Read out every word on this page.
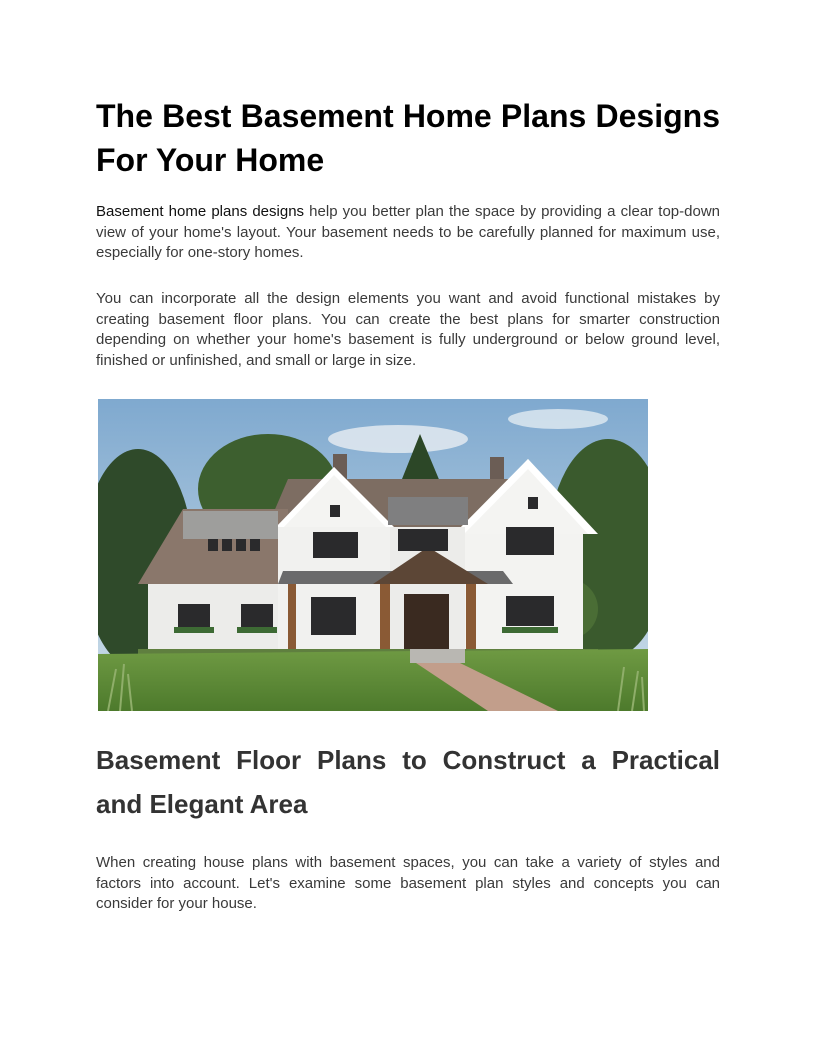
The Best Basement Home Plans Designs For Your Home

Basement home plans designs help you better plan the space by providing a clear top-down view of your home's layout. Your basement needs to be carefully planned for maximum use, especially for one-story homes.

You can incorporate all the design elements you want and avoid functional mistakes by creating basement floor plans. You can create the best plans for smarter construction depending on whether your home's basement is fully underground or below ground level, finished or unfinished, and small or large in size.

Basement Floor Plans to Construct a Practical and Elegant Area

When creating house plans with basement spaces, you can take a variety of styles and factors into account. Let's examine some basement plan styles and concepts you can consider for your house.
